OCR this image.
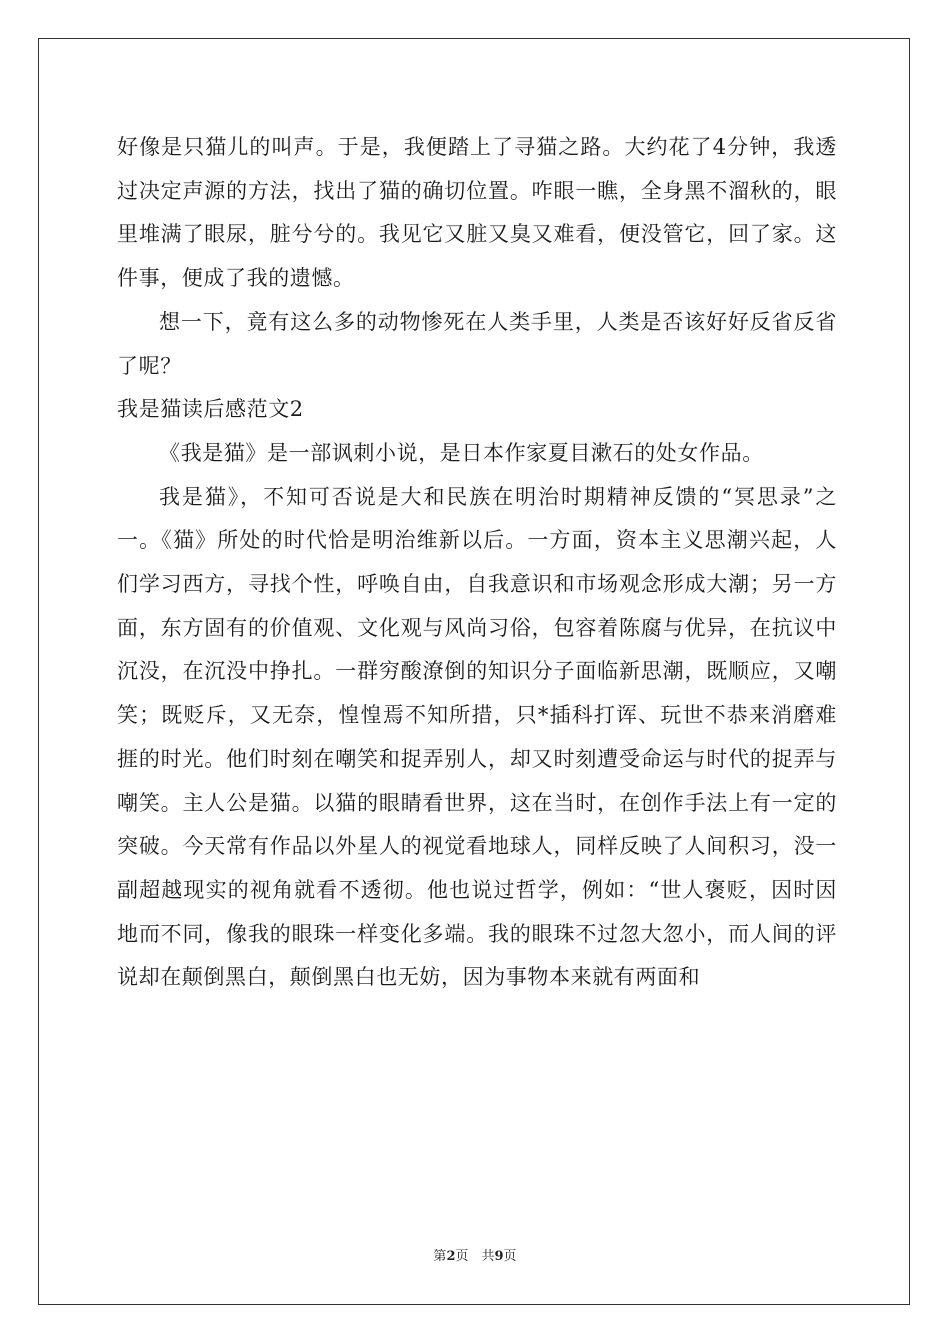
好像是只猫儿的叫声。于是，我便踏上了寻猫之路。大约花了4分钟，我透过决定声源的方法，找出了猫的确切位置。咋眼一瞧，全身黑不溜秋的，眼里堆满了眼尿，脏兮兮的。我见它又脏又臭又难看，便没管它，回了家。这件事，便成了我的遗憾。

想一下，竟有这么多的动物惨死在人类手里，人类是否该好好反省反省了呢？

我是猫读后感范文2

《我是猫》是一部讽刺小说，是日本作家夏目漱石的处女作品。

我是猫》，不知可否说是大和民族在明治时期精神反馈的“冥思录”之一。《猫》所处的时代恰是明治维新以后。一方面，资本主义思潮兴起，人们学习西方，寻找个性，呼唤自由，自我意识和市场观念形成大潮；另一方面，东方固有的价值观、文化观与风尚习俗，包容着陈腐与优异，在抗议中沉没，在沉没中挣扎。一群穷酸潦倒的知识分子面临新思潮，既顺应，又嘲笑；既贬斥，又无奈，惶惶焉不知所措，只*插科打诨、玩世不恭来消磨难捱的时光。他们时刻在嘲笑和捉弄别人，却又时刻遭受命运与时代的捉弄与嘲笑。主人公是猫。以猫的眼睛看世界，这在当时，在创作手法上有一定的突破。今天常有作品以外星人的视觉看地球人，同样反映了人间积习，没一副超越现实的视角就看不透彻。他也说过哲学，例如：“世人褒贬，因时因地而不同，像我的眼珠一样变化多端。我的眼珠不过忽大忽小，而人间的评说却在颠倒黑白，颠倒黑白也无妨，因为事物本来就有两面和

第2页　共9页
